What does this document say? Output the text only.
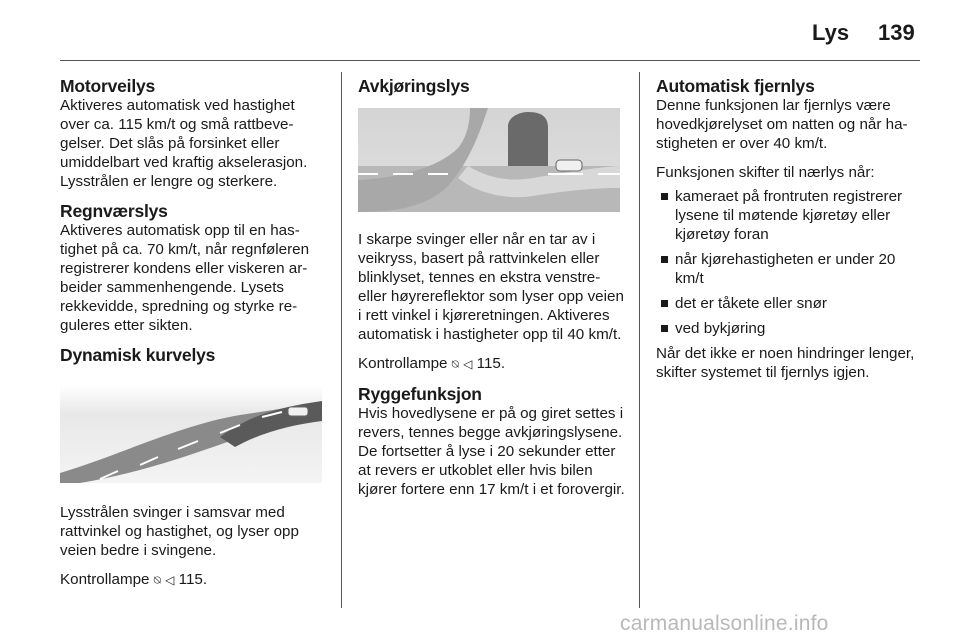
Lys 139
Motorveilys

Aktiveres automatisk ved hastighet over ca. 115 km/t og små rattbevegelser. Det slås på forsinket eller umiddelbart ved kraftig akselerasjon. Lysstrålen er lengre og sterkere.

Regnværslys

Aktiveres automatisk opp til en hastighet på ca. 70 km/t, når regnføleren registrerer kondens eller viskeren arbeider sammenhengende. Lysets rekkevidde, spredning og styrke reguleres etter sikten.

Dynamisk kurvelys

Lysstrålen svinger i samsvar med rattvinkel og hastighet, og lyser opp veien bedre i svingene.

Kontrollampe ⍉ ◁ 115.

Avkjøringslys

I skarpe svinger eller når en tar av i veikryss, basert på rattvinkelen eller blinklyset, tennes en ekstra venstre- eller høyrereflektor som lyser opp veien i rett vinkel i kjøreretningen. Aktiveres automatisk i hastigheter opp til 40 km/t.

Kontrollampe ⍉ ◁ 115.

Ryggefunksjon

Hvis hovedlysene er på og giret settes i revers, tennes begge avkjøringslysene. De fortsetter å lyse i 20 sekunder etter at revers er utkoblet eller hvis bilen kjører fortere enn 17 km/t i et forovergir.

Automatisk fjernlys

Denne funksjonen lar fjernlys være hovedkjørelyset om natten og når hastigheten er over 40 km/t.

Funksjonen skifter til nærlys når:

kameraet på frontruten registrerer lysene til møtende kjøretøy eller kjøretøy foran
når kjørehastigheten er under 20 km/t
det er tåkete eller snør
ved bykjøring

Når det ikke er noen hindringer lenger, skifter systemet til fjernlys igjen.

carmanualsonline.info
